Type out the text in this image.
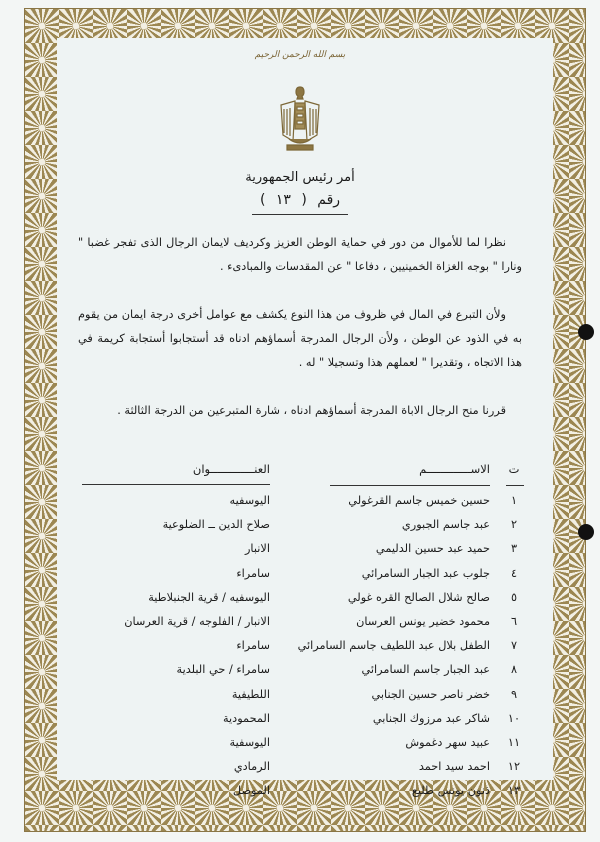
بسم الله الرحمن الرحيم
أمر رئيس الجمهورية
رقم ( ١٣ )
نظرا لما للأموال من دور في حماية الوطن العزيز وكرديف لايمان الرجال الذى تفجر غضبا " ونارا " بوجه الغزاة الخمينيين ، دفاعا " عن المقدسات والمبادىء .
ولأن التبرع في المال في ظروف من هذا النوع يكشف مع عوامل أخرى درجة ايمان من يقوم به في الذود عن الوطن ، ولأن الرجال المدرجة أسماؤهم ادناه قد أستجابوا أستجابة كريمة في هذا الاتجاه ، وتقديرا " لعملهم هذا وتسجيلا " له .
قررنا منح الرجال الاباة المدرجة أسماؤهم ادناه ، شارة المتبرعين من الدرجة الثالثة .
ت
الاســـــــــــــم
العنـــــــــــــوان
١
حسين خميس جاسم القرغولي
اليوسفيه
٢
عبد جاسم الجبوري
صلاح الدين ــ الضلوعية
٣
حميد عبد حسين الدليمي
الانبار
٤
جلوب عبد الجبار السامرائي
سامراء
٥
صالح شلال الصالح القره غولي
اليوسفيه / قرية الجنبلاطية
٦
محمود خضير يونس العرسان
الانبار / الفلوجه / قرية العرسان
٧
الطفل بلال عبد اللطيف جاسم السامرائي
سامراء
٨
عبد الجبار جاسم السامرائي
سامراء / حي البلدية
٩
خضر ناصر حسين الجنابي
اللطيفية
١٠
شاكر عبد مرزوك الجنابي
المحمودية
١١
عبيد سهر دغموش
اليوسفية
١٢
احمد سيد احمد
الرمادي
١٣
ذنون يونس طليع
الموصل
